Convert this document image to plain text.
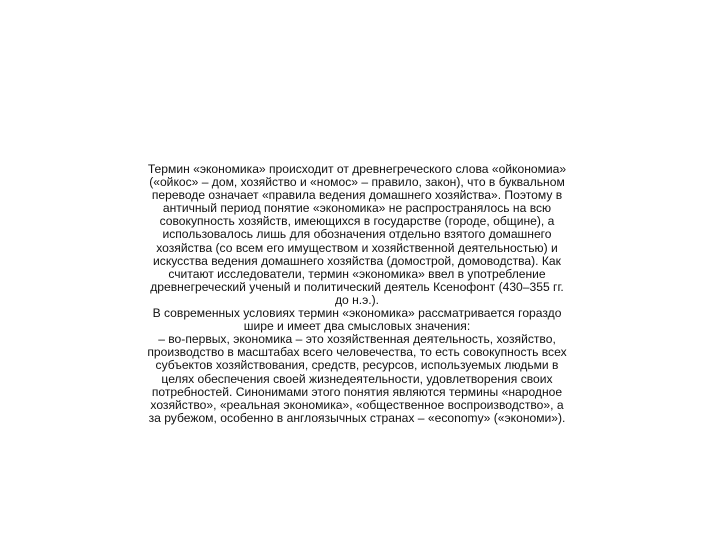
Термин «экономика» происходит от древнегреческого слова «ойкономиа»
(«ойкос» – дом, хозяйство и «номос» – правило, закон), что в буквальном
переводе означает «правила ведения домашнего хозяйства». Поэтому в
античный период понятие «экономика» не распространялось на всю
совокупность хозяйств, имеющихся в государстве (городе, общине), а
использовалось лишь для обозначения отдельно взятого домашнего
хозяйства (со всем его имуществом и хозяйственной деятельностью) и
искусства ведения домашнего хозяйства (домострой, домоводства). Как
считают исследователи, термин «экономика» ввел в употребление
древнегреческий ученый и политический деятель Ксенофонт (430–355 гг.
до н.э.).

В современных условиях термин «экономика» рассматривается гораздо
шире и имеет два смысловых значения:

– во-первых, экономика – это хозяйственная деятельность, хозяйство,
производство в масштабах всего человечества, то есть совокупность всех
субъектов хозяйствования, средств, ресурсов, используемых людьми в
целях обеспечения своей жизнедеятельности, удовлетворения своих
потребностей. Синонимами этого понятия являются термины «народное
хозяйство», «реальная экономика», «общественное воспроизводство», а
за рубежом, особенно в англоязычных странах – «economy» («экономи»).
